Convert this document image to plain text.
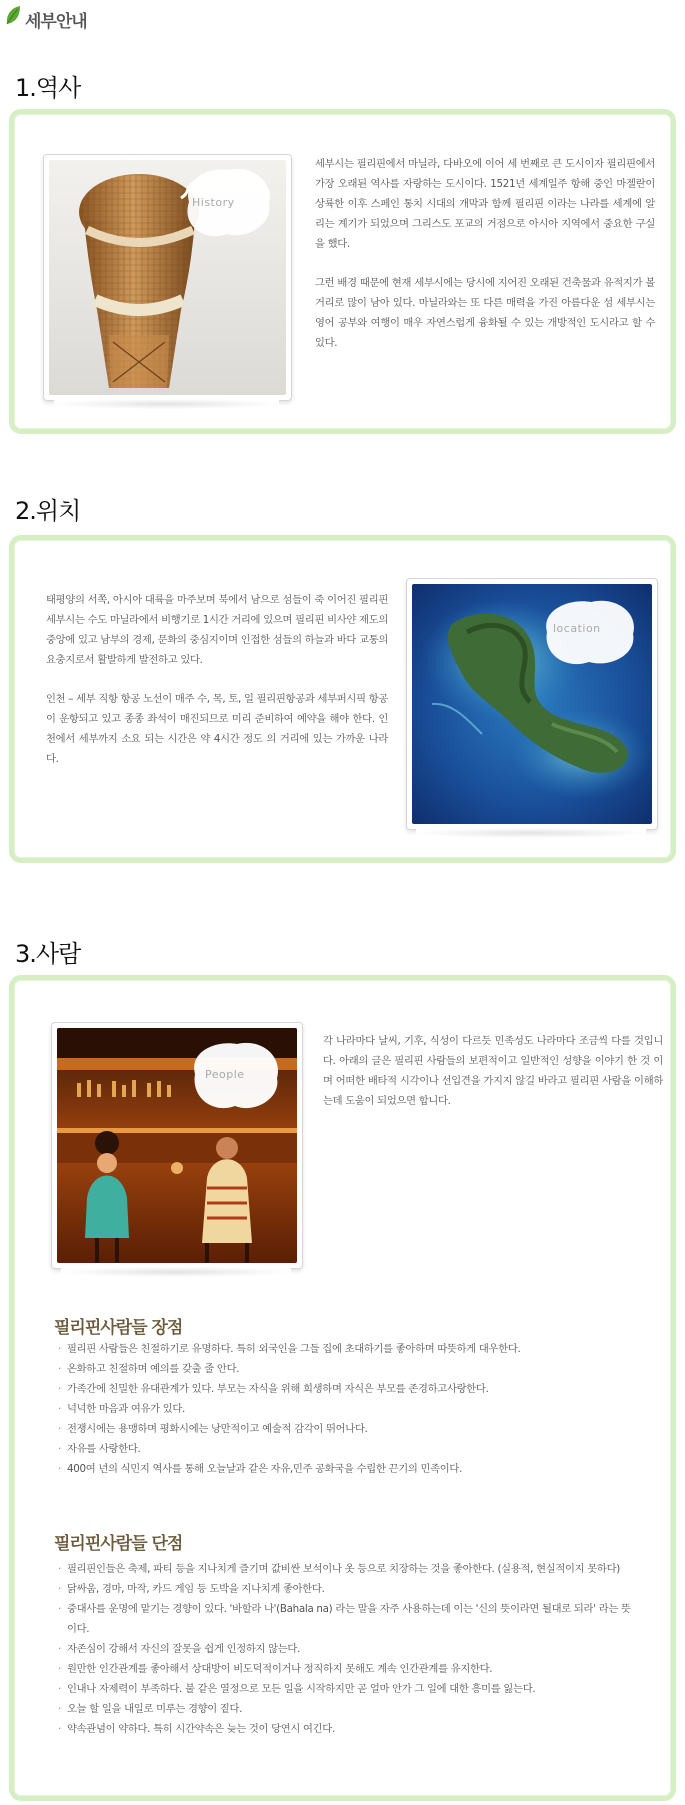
세부안내
1.역사
History

세부시는 필리핀에서 마닐라, 다바오에 이어 세 번째로 큰 도시이자 필리핀에서 가장 오래된 역사를 자랑하는 도시이다. 1521년 세계일주 항해 중인 마젤란이 상륙한 이후 스페인 통치 시대의 개막과 함께 필리핀 이라는 나라를 세계에 알리는 계기가 되었으며 그리스도 포교의 거점으로 아시아 지역에서 중요한 구실을 했다.

그런 배경 때문에 현재 세부시에는 당시에 지어진 오래된 건축물과 유적지가 볼거리로 많이 남아 있다. 마닐라와는 또 다른 매력을 가진 아름다운 섬 세부시는 영어 공부와 여행이 매우 자연스럽게 융화될 수 있는 개방적인 도시라고 할 수 있다.

2.위치

태평양의 서쪽, 아시아 대륙을 마주보며 북에서 남으로 섬들이 죽 이어진 필리핀 세부시는 수도 마닐라에서 비행기로 1시간 거리에 있으며 필리핀 비사얀 제도의 중앙에 있고 남부의 경제, 문화의 중심지이며 인접한 섬들의 하늘과 바다 교통의 요충지로서 활발하게 발전하고 있다.

인천 – 세부 직항 항공 노선이 매주 수, 목, 토, 일 필리핀항공과 세부퍼시픽 항공이 운항되고 있고 종종 좌석이 매진되므로 미리 준비하여 예약을 해야 한다. 인천에서 세부까지 소요 되는 시간은 약 4시간 정도 의 거리에 있는 가까운 나라다.

location
3.사람
People

각 나라마다 날씨, 기후, 식성이 다르듯 민족성도 나라마다 조금씩 다를 것입니다. 아래의 글은 필리핀 사람들의 보편적이고 일반적인 성향을 이야기 한 것 이며 어떠한 배타적 시각이나 선입견을 가지지 않길 바라고 필리핀 사람을 이해하는데 도움이 되었으면 합니다.

필리핀사람들 장점
· 필리핀 사람들은 친절하기로 유명하다. 특히 외국인을 그들 집에 초대하기를 좋아하며 따뜻하게 대우한다.
· 온화하고 친절하며 예의를 갖출 줄 안다.
· 가족간에 친밀한 유대관계가 있다. 부모는 자식을 위해 희생하며 자식은 부모를 존경하고사랑한다.
· 넉넉한 마음과 여유가 있다.
· 전쟁시에는 용맹하며 평화시에는 낭만적이고 예술적 감각이 뛰어나다.
· 자유를 사랑한다.
· 400여 년의 식민지 역사를 통해 오늘날과 같은 자유,민주 공화국을 수립한 끈기의 민족이다.
필리핀사람들 단점
· 필리핀인들은 축제, 파티 등을 지나치게 즐기며 값비싼 보석이나 옷 등으로 치장하는 것을 좋아한다. (실용적, 현실적이지 못하다)
· 닭싸움, 경마, 마작, 카드 게임 등 도박을 지나치게 좋아한다.
· 중대사를 운명에 맡기는 경향이 있다. '바할라 나'(Bahala na) 라는 말을 자주 사용하는데 이는 '신의 뜻이라면 될대로 되라' 라는 뜻이다.
· 자존심이 강해서 자신의 잘못을 쉽게 인정하지 않는다.
· 원만한 인간관계를 좋아해서 상대방이 비도덕적이거나 정직하지 못해도 계속 인간관계를 유지한다.
· 인내나 자제력이 부족하다. 불 같은 열정으로 모든 일을 시작하지만 곧 얼마 안가 그 일에 대한 흥미를 잃는다.
· 오늘 할 일을 내일로 미루는 경향이 짙다.
· 약속관념이 약하다. 특히 시간약속은 늦는 것이 당연시 여긴다.
